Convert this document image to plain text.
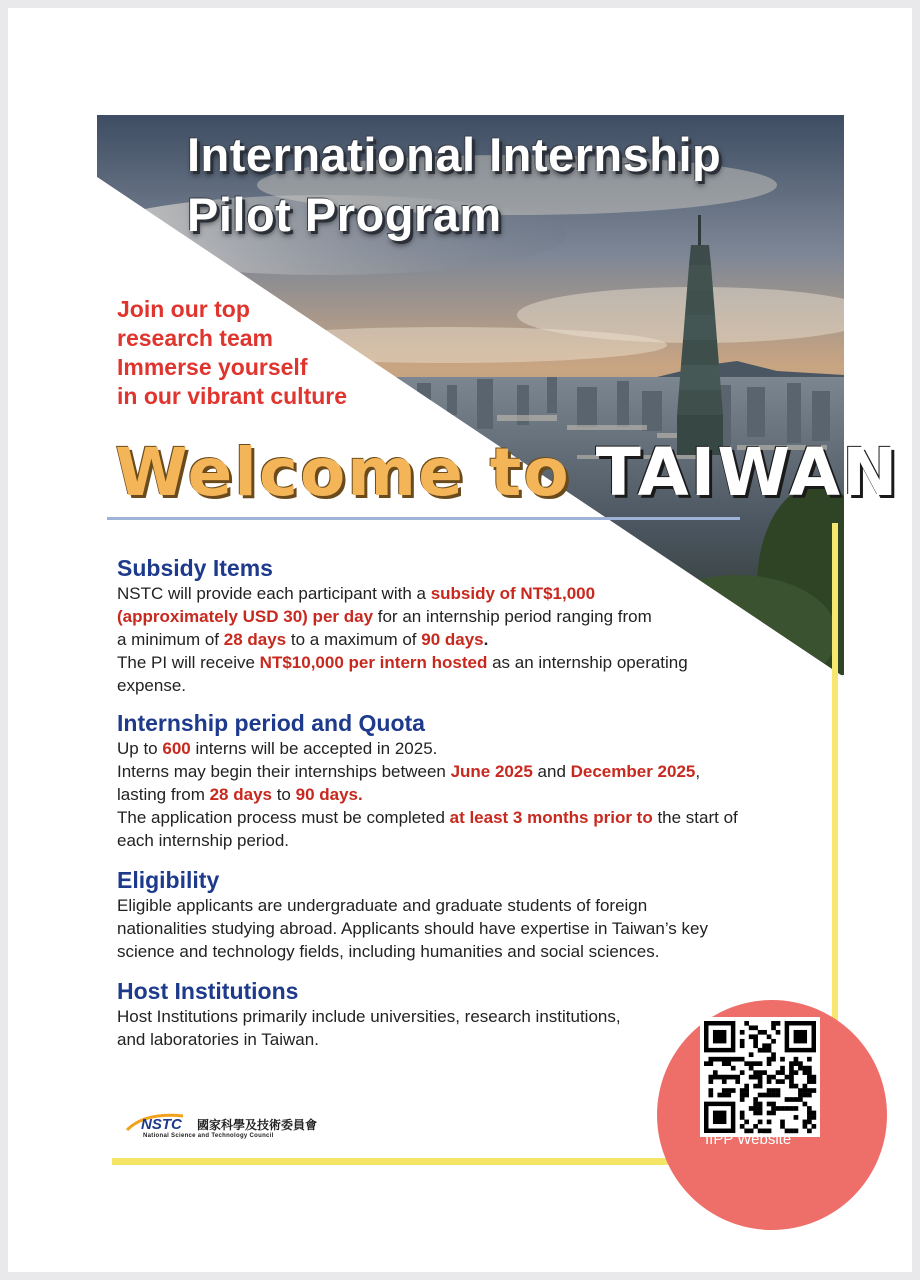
International Internship
Pilot Program
Join our top
research team
Immerse yourself
in our vibrant culture
Welcome to TAIWAN
Subsidy Items

NSTC will provide each participant with a subsidy of NT$1,000

(approximately USD 30) per day for an internship period ranging from

a minimum of 28 days to a maximum of 90 days.

The PI will receive NT$10,000 per intern hosted as an internship operating

expense.

Internship period and Quota

Up to 600 interns will be accepted in 2025.

Interns may begin their internships between June 2025 and December 2025,

lasting from 28 days to 90 days.

The application process must be completed at least 3 months prior to the start of

each internship period.

Eligibility

Eligible applicants are undergraduate and graduate students of foreign

nationalities studying abroad. Applicants should have expertise in Taiwan’s key

science and technology fields, including humanities and social sciences.

Host Institutions

Host Institutions primarily include universities, research institutions,

and laboratories in Taiwan.

NSTC 國家科學及技術委員會
National Science and Technology Council	IIPP Website
